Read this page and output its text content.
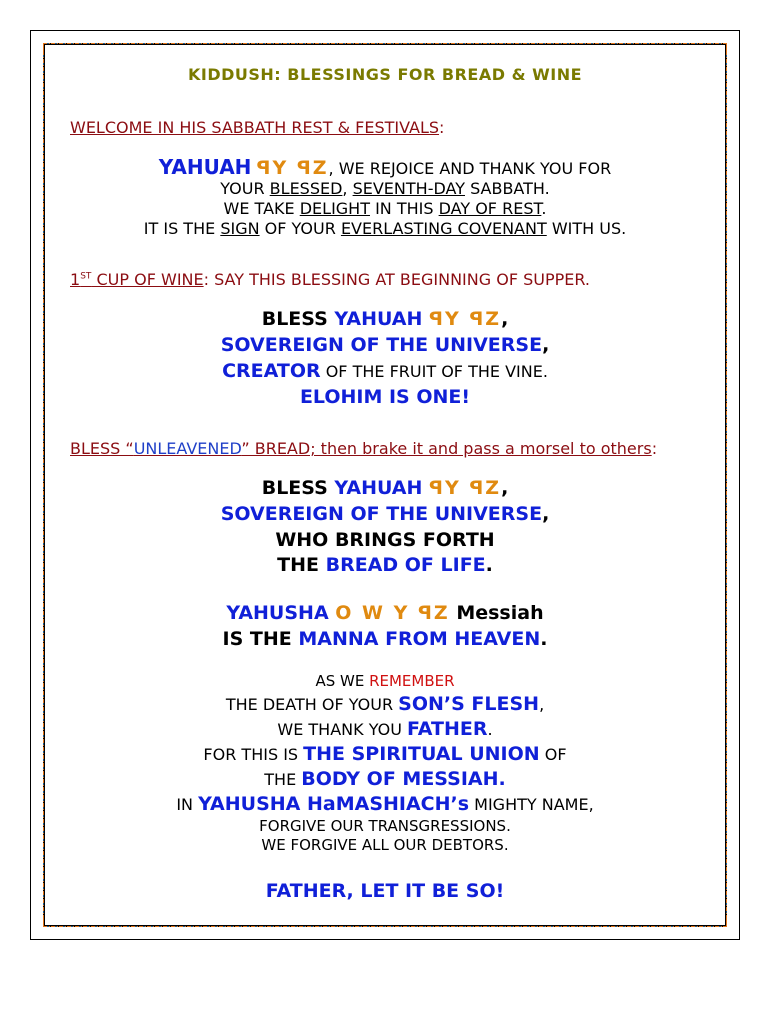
KIDDUSH: BLESSINGS FOR BREAD & WINE
WELCOME IN HIS SABBATH REST & FESTIVALS:
YAHUAH ꟼY ꟼZ, WE REJOICE AND THANK YOU FOR
YOUR BLESSED, SEVENTH-DAY SABBATH.
WE TAKE DELIGHT IN THIS DAY OF REST.
IT IS THE SIGN OF YOUR EVERLASTING COVENANT WITH US.
1ST CUP OF WINE: SAY THIS BLESSING AT BEGINNING OF SUPPER.
BLESS YAHUAH ꟼY ꟼZ,
SOVEREIGN OF THE UNIVERSE,
CREATOR OF THE FRUIT OF THE VINE.
ELOHIM IS ONE!
BLESS “UNLEAVENED” BREAD; then brake it and pass a morsel to others:
BLESS YAHUAH ꟼY ꟼZ,
SOVEREIGN OF THE UNIVERSE,
WHO BRINGS FORTH
THE BREAD OF LIFE.
YAHUSHA O W Y ꟼZ Messiah
IS THE MANNA FROM HEAVEN.
AS WE REMEMBER
THE DEATH OF YOUR SON’S FLESH,
WE THANK YOU FATHER.
FOR THIS IS THE SPIRITUAL UNION OF
THE BODY OF MESSIAH.
IN YAHUSHA HaMASHIACH’s MIGHTY NAME,
FORGIVE OUR TRANSGRESSIONS.
WE FORGIVE ALL OUR DEBTORS.
FATHER, LET IT BE SO!
